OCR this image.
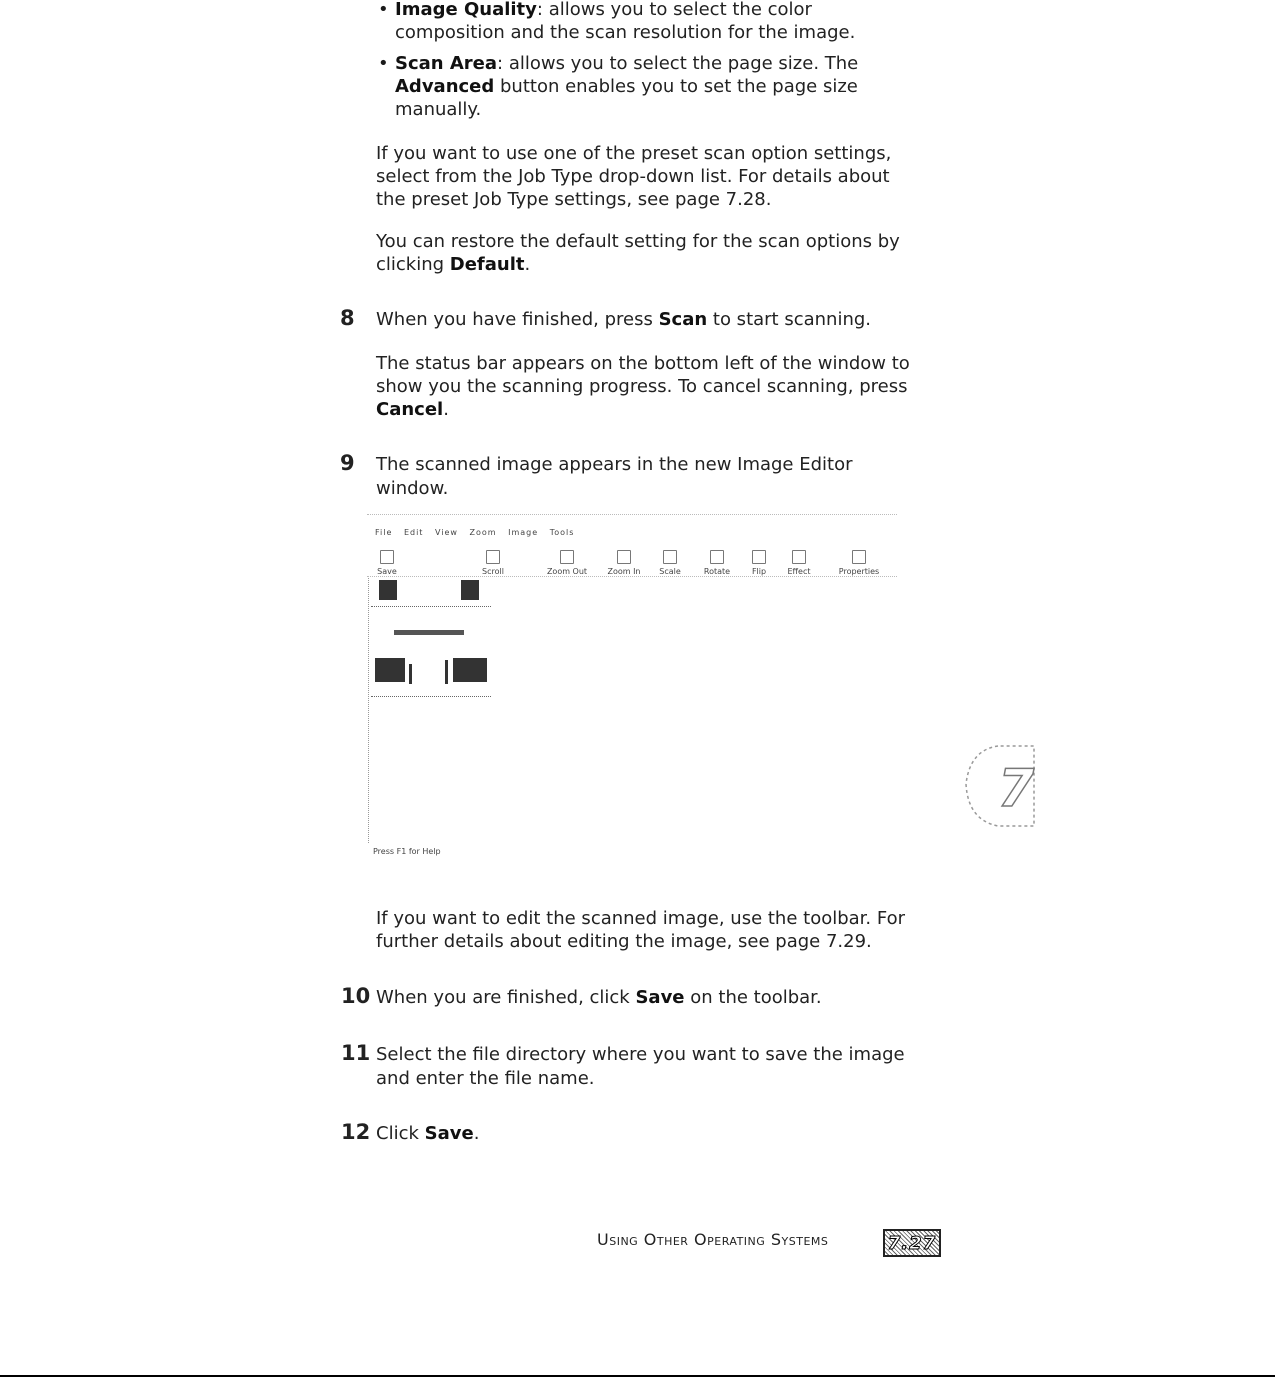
• Image Quality: allows you to select the color
composition and the scan resolution for the image.
• Scan Area: allows you to select the page size. The
Advanced button enables you to set the page size
manually.
If you want to use one of the preset scan option settings,
select from the Job Type drop-down list. For details about
the preset Job Type settings, see page 7.28.
You can restore the default setting for the scan options by
clicking Default.
8 When you have finished, press Scan to start scanning.
The status bar appears on the bottom left of the window to
show you the scanning progress. To cancel scanning, press
Cancel.
9 The scanned image appears in the new Image Editor
window.
File Edit View Zoom Image Tools
Save	Scroll	Zoom Out	Zoom In	Scale	Rotate	Flip	Effect	Properties
Press F1 for Help
7
If you want to edit the scanned image, use the toolbar. For
further details about editing the image, see page 7.29.
10 When you are finished, click Save on the toolbar.
11 Select the file directory where you want to save the image
and enter the file name.
12 Click Save.
Using Other Operating Systems	7.27
